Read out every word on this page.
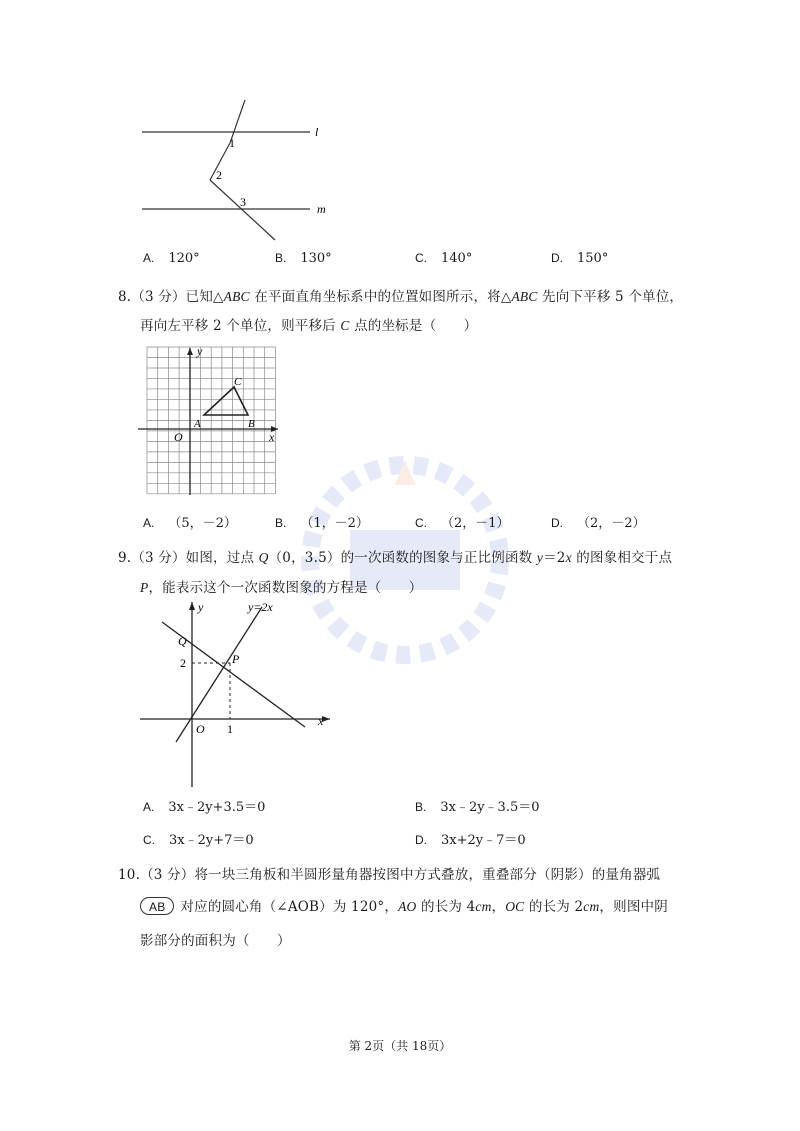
l
m
1
2
3
A. 120°	B. 130°	C. 140°	D. 150°
8.（3 分）已知△ABC 在平面直角坐标系中的位置如图所示，将△ABC 先向下平移 5 个单位，
再向左平移 2 个单位，则平移后 C 点的坐标是（　　）
x
y
O
A	B
C
A. （5，－2）	B. （1，－2）	C. （2，－1）	D. （2，－2）
9.（3 分）如图，过点 Q（0，3.5）的一次函数的图象与正比例函数 y＝2x 的图象相交于点
P，能表示这个一次函数图象的方程是（　　）
x
y	y=2x
Q
P
2
1
O
A. 3x﹣2y+3.5＝0	B. 3x﹣2y﹣3.5＝0
C. 3x﹣2y+7＝0	D. 3x+2y﹣7＝0
10.（3 分）将一块三角板和半圆形量角器按图中方式叠放，重叠部分（阴影）的量角器弧
AB 对应的圆心角（∠AOB）为 120°，AO 的长为 4cm，OC 的长为 2cm，则图中阴
影部分的面积为（　　）
第 2页（共 18页）
